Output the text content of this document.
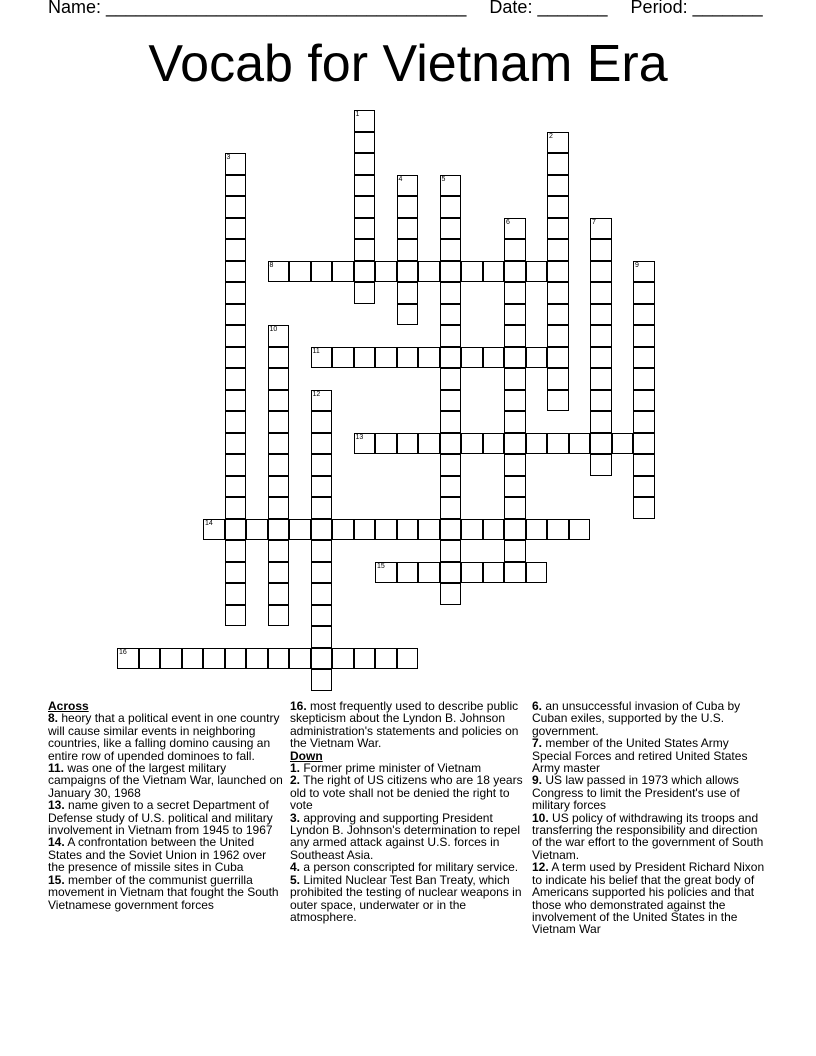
Name: ____________________________________ Date: _______ Period: _______
Vocab for Vietnam Era
1
2
3
4	5
6	7
8	9
10
11
12
13
14
15
16
Across
8. heory that a political event in one country will cause similar events in neighboring countries, like a falling domino causing an entire row of upended dominoes to fall.
11. was one of the largest military campaigns of the Vietnam War, launched on January 30, 1968
13. name given to a secret Department of Defense study of U.S. political and military involvement in Vietnam from 1945 to 1967
14. A confrontation between the United States and the Soviet Union in 1962 over the presence of missile sites in Cuba
15. member of the communist guerrilla movement in Vietnam that fought the South Vietnamese government forces
16. most frequently used to describe public skepticism about the Lyndon B. Johnson administration's statements and policies on the Vietnam War.
Down
1. Former prime minister of Vietnam
2. The right of US citizens who are 18 years old to vote shall not be denied the right to vote
3. approving and supporting President Lyndon B. Johnson's determination to repel any armed attack against U.S. forces in Southeast Asia.
4. a person conscripted for military service.
5. Limited Nuclear Test Ban Treaty, which prohibited the testing of nuclear weapons in outer space, underwater or in the atmosphere.
6. an unsuccessful invasion of Cuba by Cuban exiles, supported by the U.S. government.
7. member of the United States Army Special Forces and retired United States Army master
9. US law passed in 1973 which allows Congress to limit the President's use of military forces
10. US policy of withdrawing its troops and transferring the responsibility and direction of the war effort to the government of South Vietnam.
12. A term used by President Richard Nixon to indicate his belief that the great body of Americans supported his policies and that those who demonstrated against the involvement of the United States in the Vietnam War
